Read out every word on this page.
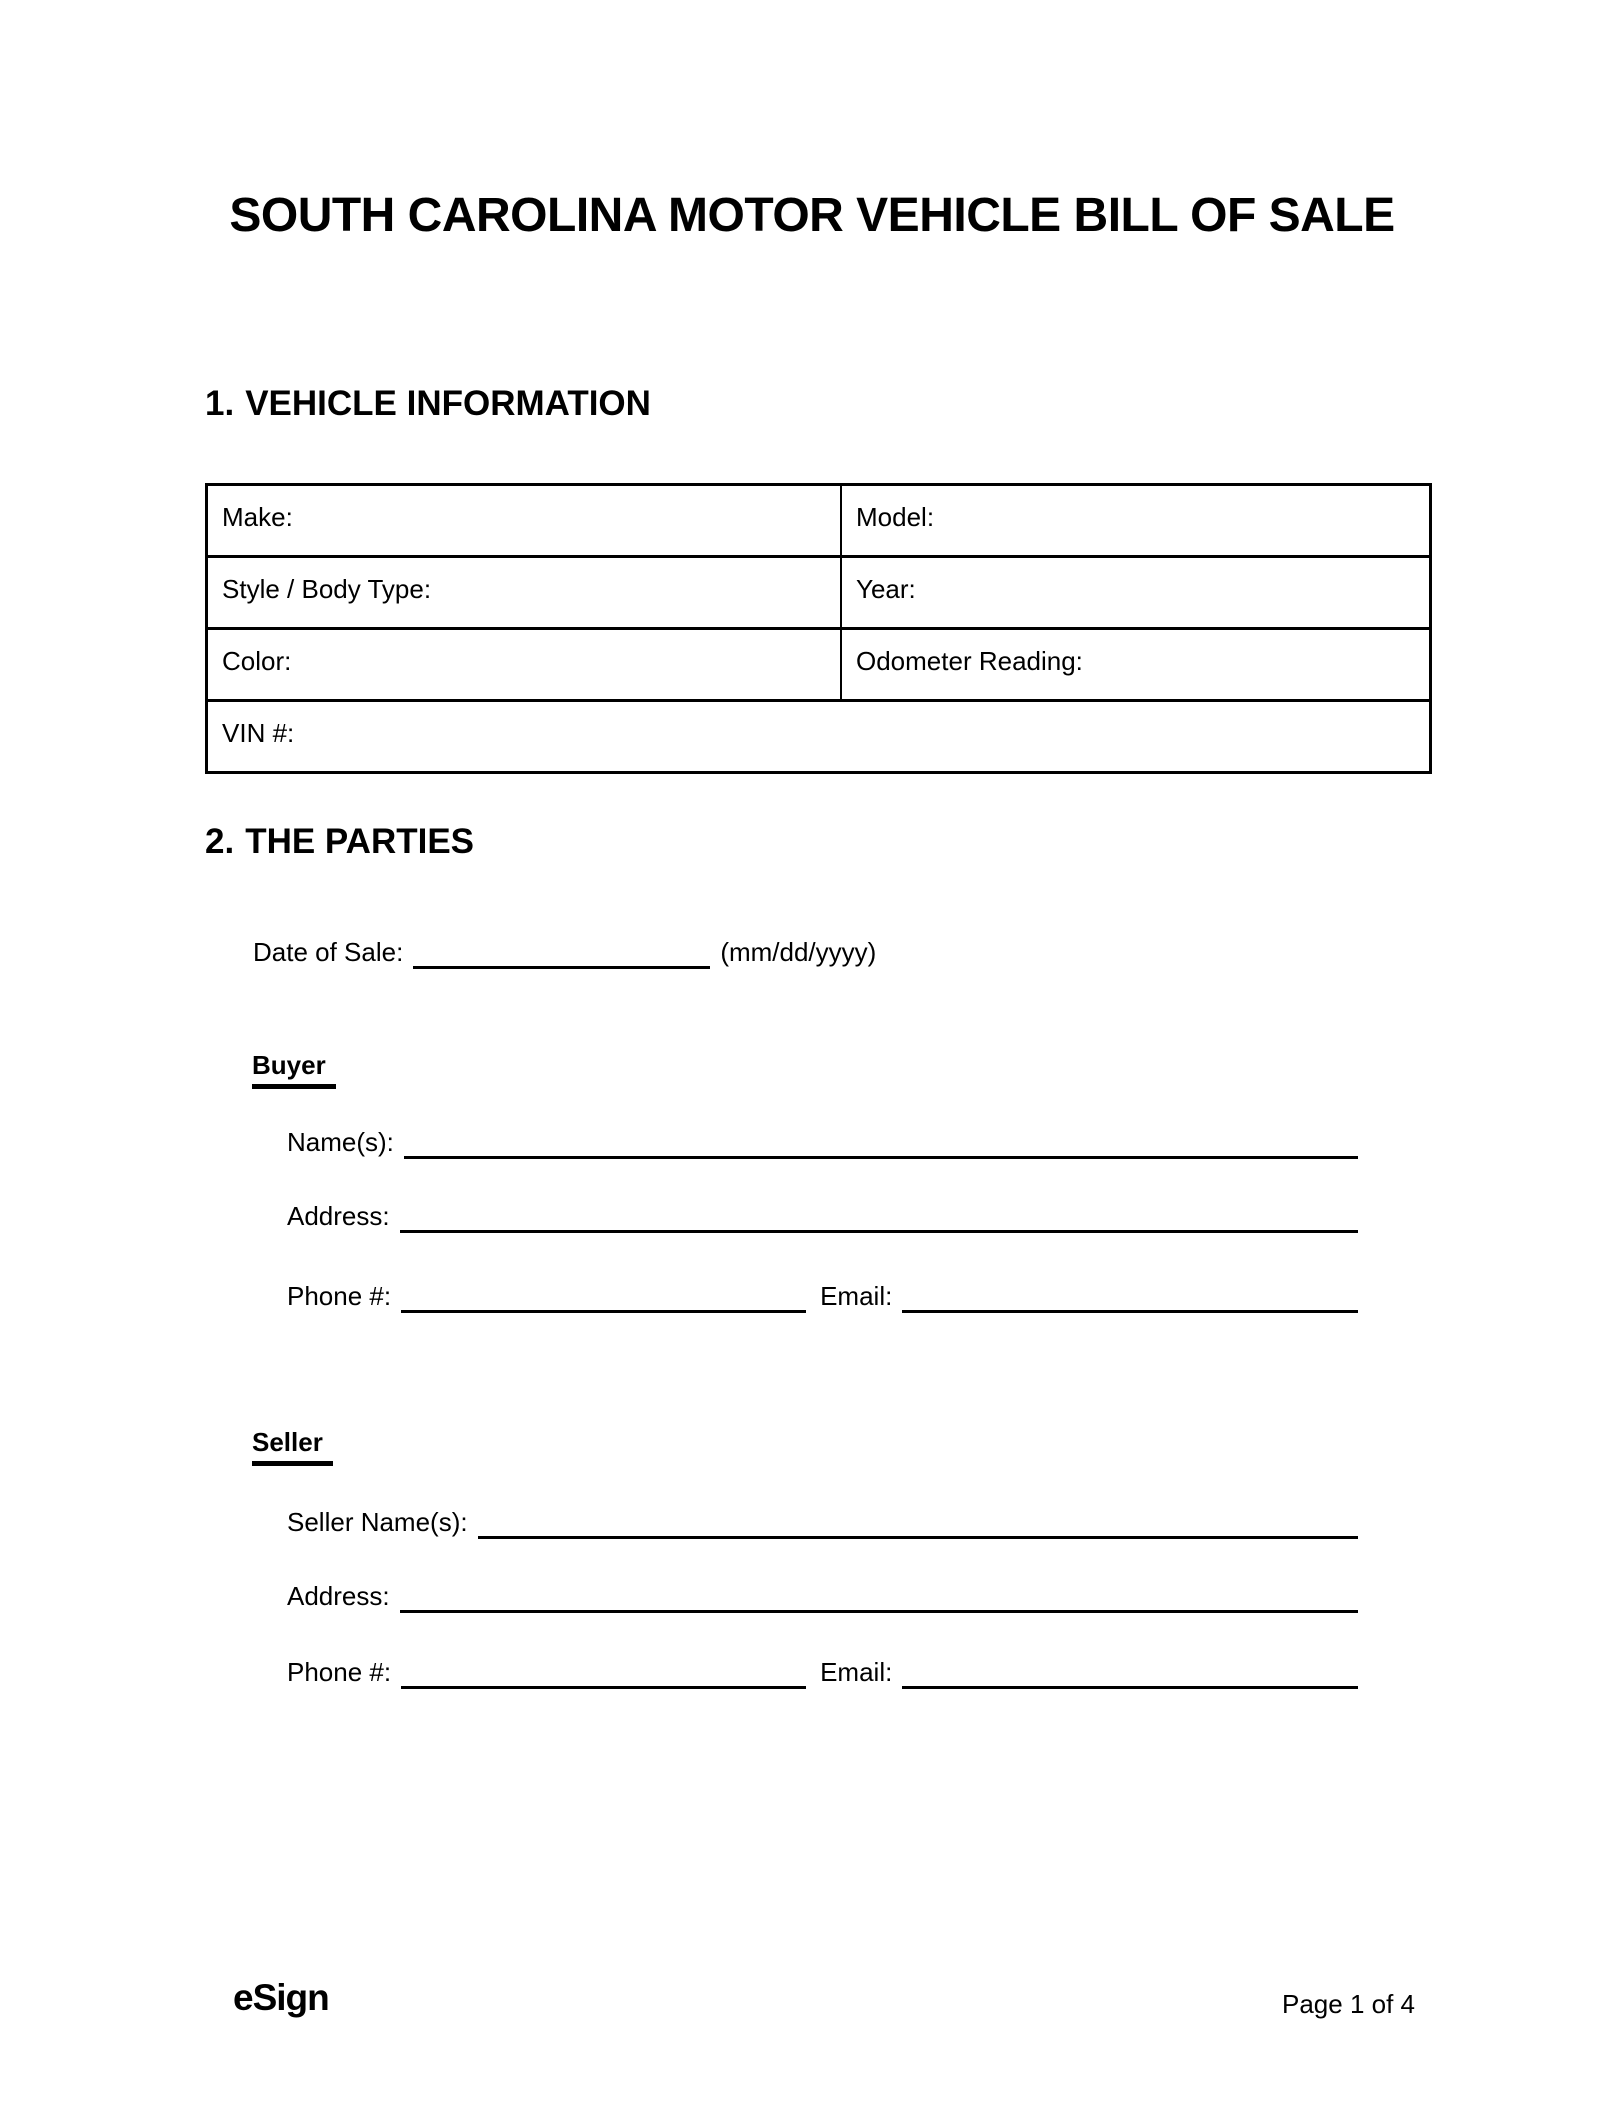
SOUTH CAROLINA MOTOR VEHICLE BILL OF SALE
1. VEHICLE INFORMATION
Make:	Model:
Style / Body Type:	Year:
Color:	Odometer Reading:
VIN #:	
2. THE PARTIES
Date of Sale:	(mm/dd/yyyy)
Buyer
Name(s):
Address:
Phone #:	Email:
Seller
Seller Name(s):
Address:
Phone #:	Email:
eSign	Page 1 of 4
